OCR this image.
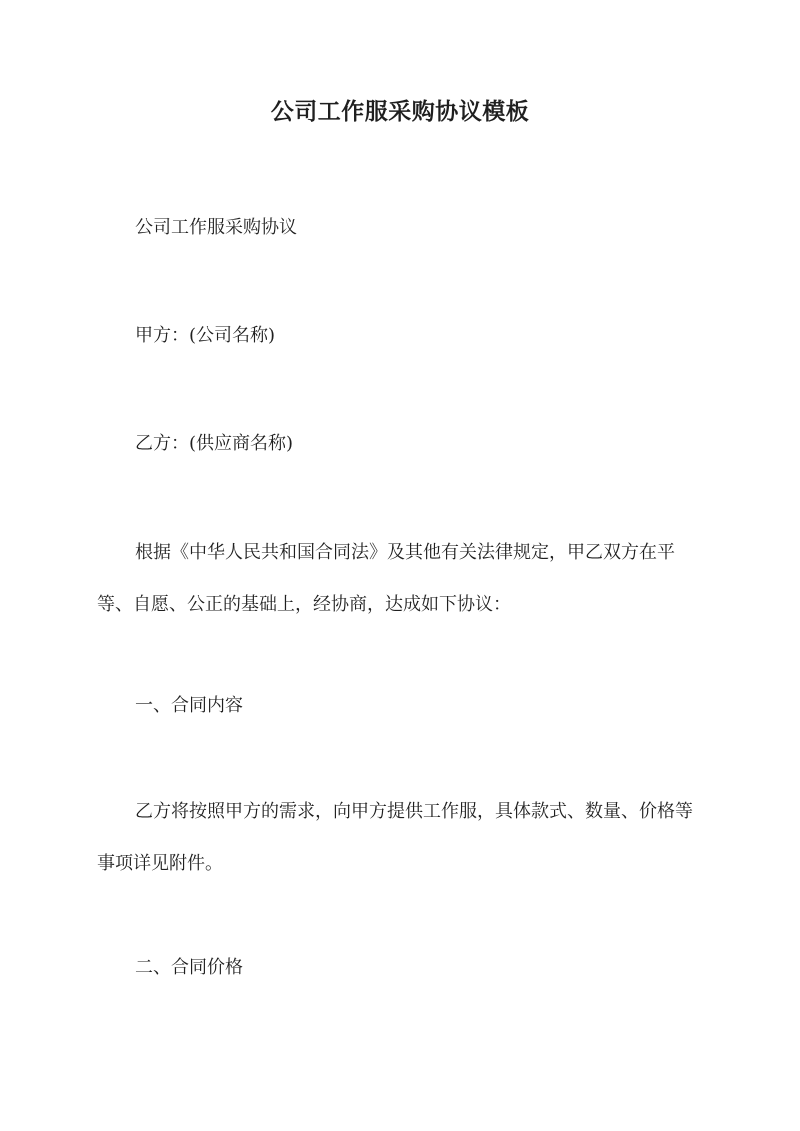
公司工作服采购协议模板

公司工作服采购协议

甲方：(公司名称)

乙方：(供应商名称)

根据《中华人民共和国合同法》及其他有关法律规定，甲乙双方在平等、自愿、公正的基础上，经协商，达成如下协议：

一、合同内容

乙方将按照甲方的需求，向甲方提供工作服，具体款式、数量、价格等事项详见附件。

二、合同价格
